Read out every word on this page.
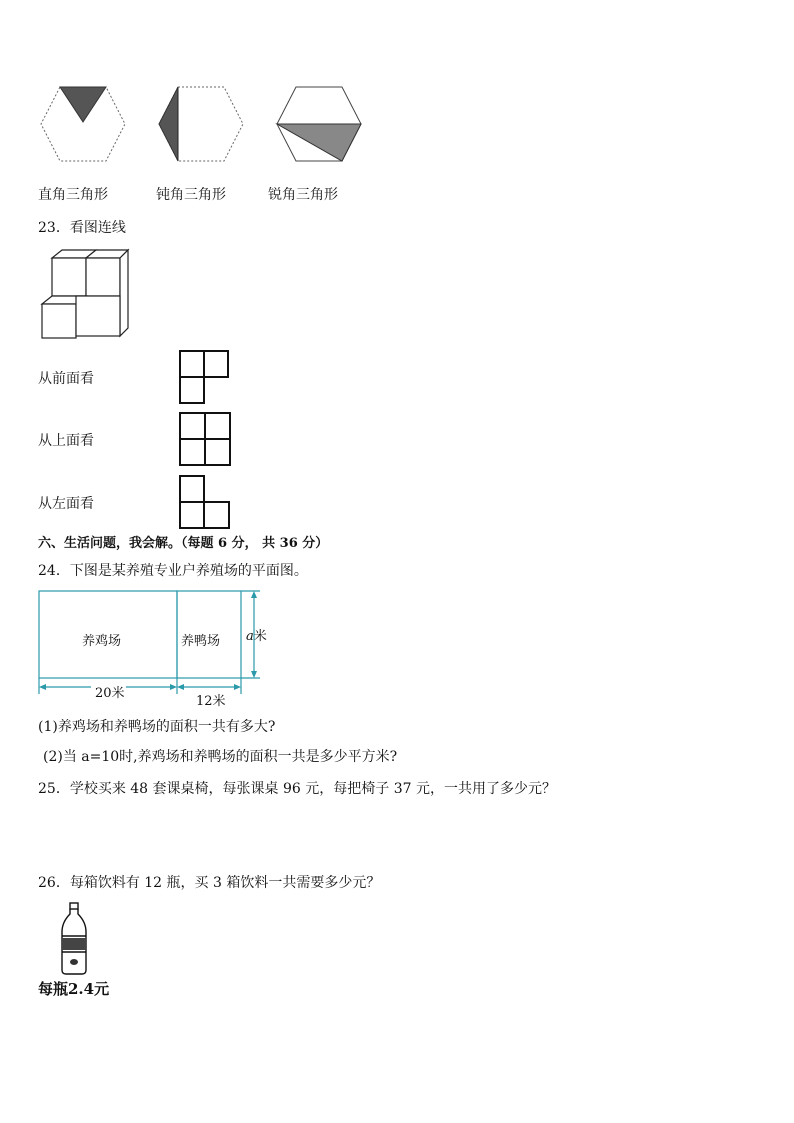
直角三角形	钝角三角形	锐角三角形
23．看图连线
从前面看
从上面看
从左面看
六、生活问题，我会解。（每题 6 分， 共 36 分）
24．下图是某养殖专业户养殖场的平面图。
养鸡场	养鸭场 a米
20米
12米
(1)养鸡场和养鸭场的面积一共有多大?
(2)当 a=10时,养鸡场和养鸭场的面积一共是多少平方米?
25．学校买来 48 套课桌椅，每张课桌 96 元，每把椅子 37 元，一共用了多少元？
26．每箱饮料有 12 瓶，买 3 箱饮料一共需要多少元？
每瓶2.4元
